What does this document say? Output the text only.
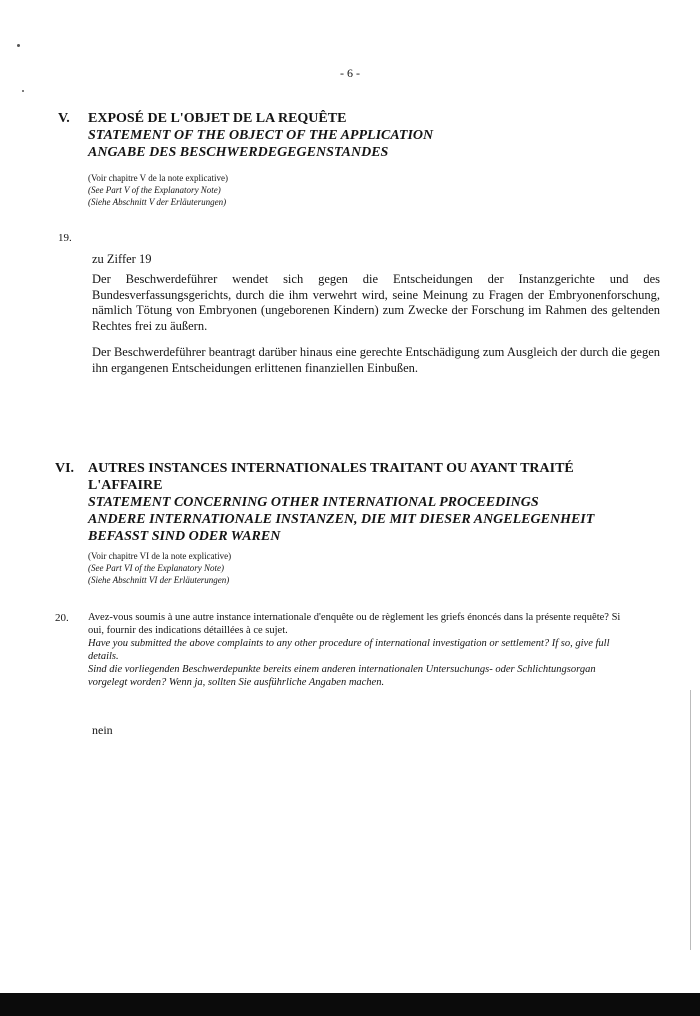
- 6 -
V. EXPOSÉ DE L'OBJET DE LA REQUÊTE
STATEMENT OF THE OBJECT OF THE APPLICATION
ANGABE DES BESCHWERDEGEGENSTANDES
(Voir chapitre V de la note explicative)
(See Part V of the Explanatory Note)
(Siehe Abschnitt V der Erläuterungen)
19.
zu Ziffer 19
Der Beschwerdeführer wendet sich gegen die Entscheidungen der Instanzgerichte und des Bundesverfassungsgerichts, durch die ihm verwehrt wird, seine Meinung zu Fragen der Embryonenforschung, nämlich Tötung von Embryonen (ungeborenen Kindern) zum Zwecke der Forschung im Rahmen des geltenden Rechtes frei zu äußern.
Der Beschwerdeführer beantragt darüber hinaus eine gerechte Entschädigung zum Ausgleich der durch die gegen ihn ergangenen Entscheidungen erlittenen finanziellen Einbußen.
VI. AUTRES INSTANCES INTERNATIONALES TRAITANT OU AYANT TRAITÉ
L'AFFAIRE
STATEMENT CONCERNING OTHER INTERNATIONAL PROCEEDINGS
ANDERE INTERNATIONALE INSTANZEN, DIE MIT DIESER ANGELEGENHEIT
BEFASST SIND ODER WAREN
(Voir chapitre VI de la note explicative)
(See Part VI of the Explanatory Note)
(Siehe Abschnitt VI der Erläuterungen)
20. Avez-vous soumis à une autre instance internationale d'enquête ou de règlement les griefs énoncés dans la présente requête? Si oui, fournir des indications détaillées à ce sujet.
Have you submitted the above complaints to any other procedure of international investigation or settlement? If so, give full details.
Sind die vorliegenden Beschwerdepunkte bereits einem anderen internationalen Untersuchungs- oder Schlichtungsorgan vorgelegt worden? Wenn ja, sollten Sie ausführliche Angaben machen.
nein
